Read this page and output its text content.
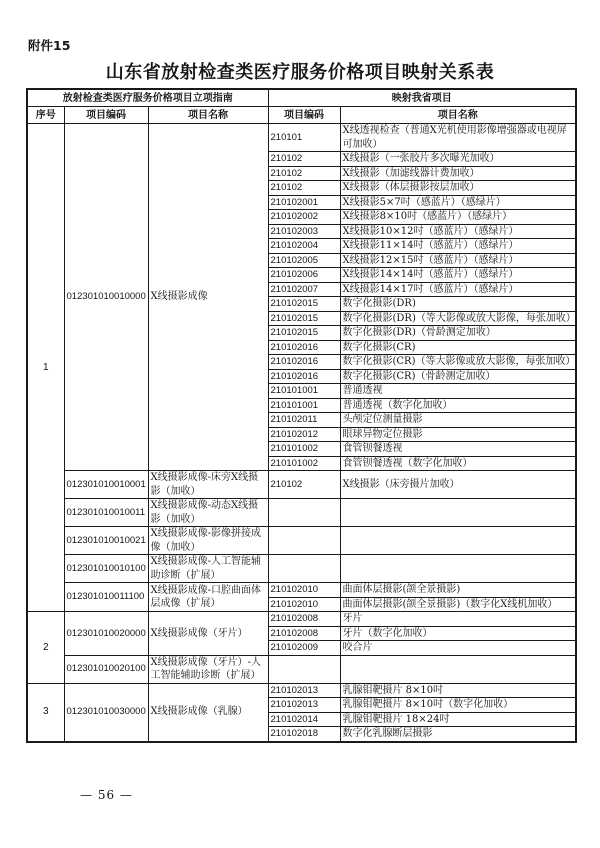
附件15
山东省放射检查类医疗服务价格项目映射关系表
放射检查类医疗服务价格项目立项指南			映射我省项目	
序号	项目编码	项目名称	项目编码	项目名称
1	012301010010000	X线摄影成像	210101	X线透视检查（普通X光机使用影像增强器或电视屏可加收）
			210102	X线摄影（一张胶片多次曝光加收）
			210102	X线摄影（加滤线器计费加收）
			210102	X线摄影（体层摄影按层加收）
			210102001	X线摄影5×7吋（感蓝片）（感绿片）
			210102002	X线摄影8×10吋（感蓝片）（感绿片）
			210102003	X线摄影10×12吋（感蓝片）（感绿片）
			210102004	X线摄影11×14吋（感蓝片）（感绿片）
			210102005	X线摄影12×15吋（感蓝片）（感绿片）
			210102006	X线摄影14×14吋（感蓝片）（感绿片）
			210102007	X线摄影14×17吋（感蓝片）（感绿片）
			210102015	数字化摄影(DR)
			210102015	数字化摄影(DR)（等大影像或放大影像，每张加收）
			210102015	数字化摄影(DR)（骨龄测定加收）
			210102016	数字化摄影(CR)
			210102016	数字化摄影(CR)（等大影像或放大影像，每张加收）
			210102016	数字化摄影(CR)（骨龄测定加收）
			210101001	普通透视
			210101001	普通透视（数字化加收）
			210102011	头颅定位测量摄影
			210102012	眼球异物定位摄影
			210101002	食管钡餐透视
			210101002	食管钡餐透视（数字化加收）
	012301010010001	X线摄影成像-床旁X线摄影（加收）	210102	X线摄影（床旁摄片加收）
	012301010010011	X线摄影成像-动态X线摄影（加收）		
	012301010010021	X线摄影成像-影像拼接成像（加收）		
	012301010010100	X线摄影成像-人工智能辅助诊断（扩展）		
	012301010011100	X线摄影成像-口腔曲面体层成像（扩展）	210102010	曲面体层摄影(颌全景摄影)
			210102010	曲面体层摄影(颌全景摄影)（数字化X线机加收）
2	012301010020000	X线摄影成像（牙片）	210102008	牙片
			210102008	牙片（数字化加收）
			210102009	咬合片
	012301010020100	X线摄影成像（牙片）-人工智能辅助诊断（扩展）		
3	012301010030000	X线摄影成像（乳腺）	210102013	乳腺钼靶摄片 8×10吋
			210102013	乳腺钼靶摄片 8×10吋（数字化加收）
			210102014	乳腺钼靶摄片 18×24吋
			210102018	数字化乳腺断层摄影
— 56 —
